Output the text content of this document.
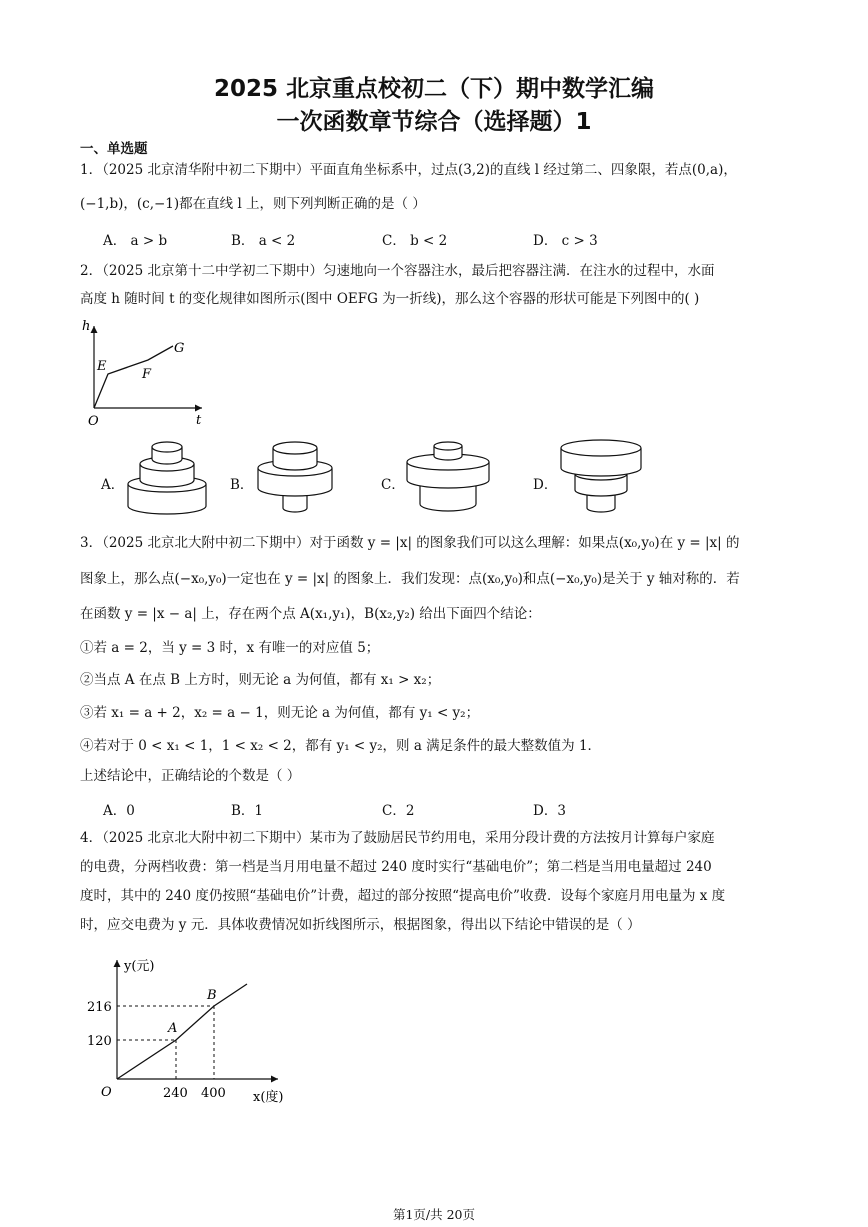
2025 北京重点校初二（下）期中数学汇编
一次函数章节综合（选择题）1
一、单选题
1．（2025 北京清华附中初二下期中）平面直角坐标系中，过点(3,2)的直线 l 经过第二、四象限，若点(0,a)，
(−1,b)，(c,−1)都在直线 l 上，则下列判断正确的是（ ）
A． a > b	B． a < 2	C． b < 2	D． c > 3
2．（2025 北京第十二中学初二下期中）匀速地向一个容器注水，最后把容器注满．在注水的过程中，水面
高度 h 随时间 t 的变化规律如图所示(图中 OEFG 为一折线)，那么这个容器的形状可能是下列图中的( )
h
t
O
E
F
G
A．	B．	C．	D．
3．（2025 北京北大附中初二下期中）对于函数 y = |x| 的图象我们可以这么理解：如果点(x₀,y₀)在 y = |x| 的
图象上，那么点(−x₀,y₀)一定也在 y = |x| 的图象上．我们发现：点(x₀,y₀)和点(−x₀,y₀)是关于 y 轴对称的．若
在函数 y = |x − a| 上，存在两个点 A(x₁,y₁)，B(x₂,y₂) 给出下面四个结论：
①若 a = 2，当 y = 3 时，x 有唯一的对应值 5；
②当点 A 在点 B 上方时，则无论 a 为何值，都有 x₁ > x₂；
③若 x₁ = a + 2，x₂ = a − 1，则无论 a 为何值，都有 y₁ < y₂；
④若对于 0 < x₁ < 1，1 < x₂ < 2，都有 y₁ < y₂，则 a 满足条件的最大整数值为 1．
上述结论中，正确结论的个数是（ ）
A．0	B．1	C．2	D．3
4．（2025 北京北大附中初二下期中）某市为了鼓励居民节约用电，采用分段计费的方法按月计算每户家庭
的电费，分两档收费：第一档是当月用电量不超过 240 度时实行“基础电价”；第二档是当用电量超过 240
度时，其中的 240 度仍按照“基础电价”计费，超过的部分按照“提高电价”收费．设每个家庭月用电量为 x 度
时，应交电费为 y 元．具体收费情况如折线图所示，根据图象，得出以下结论中错误的是（ ）
y(元)
x(度)
O
216
120
240 400
A
B
第1页/共 20页
